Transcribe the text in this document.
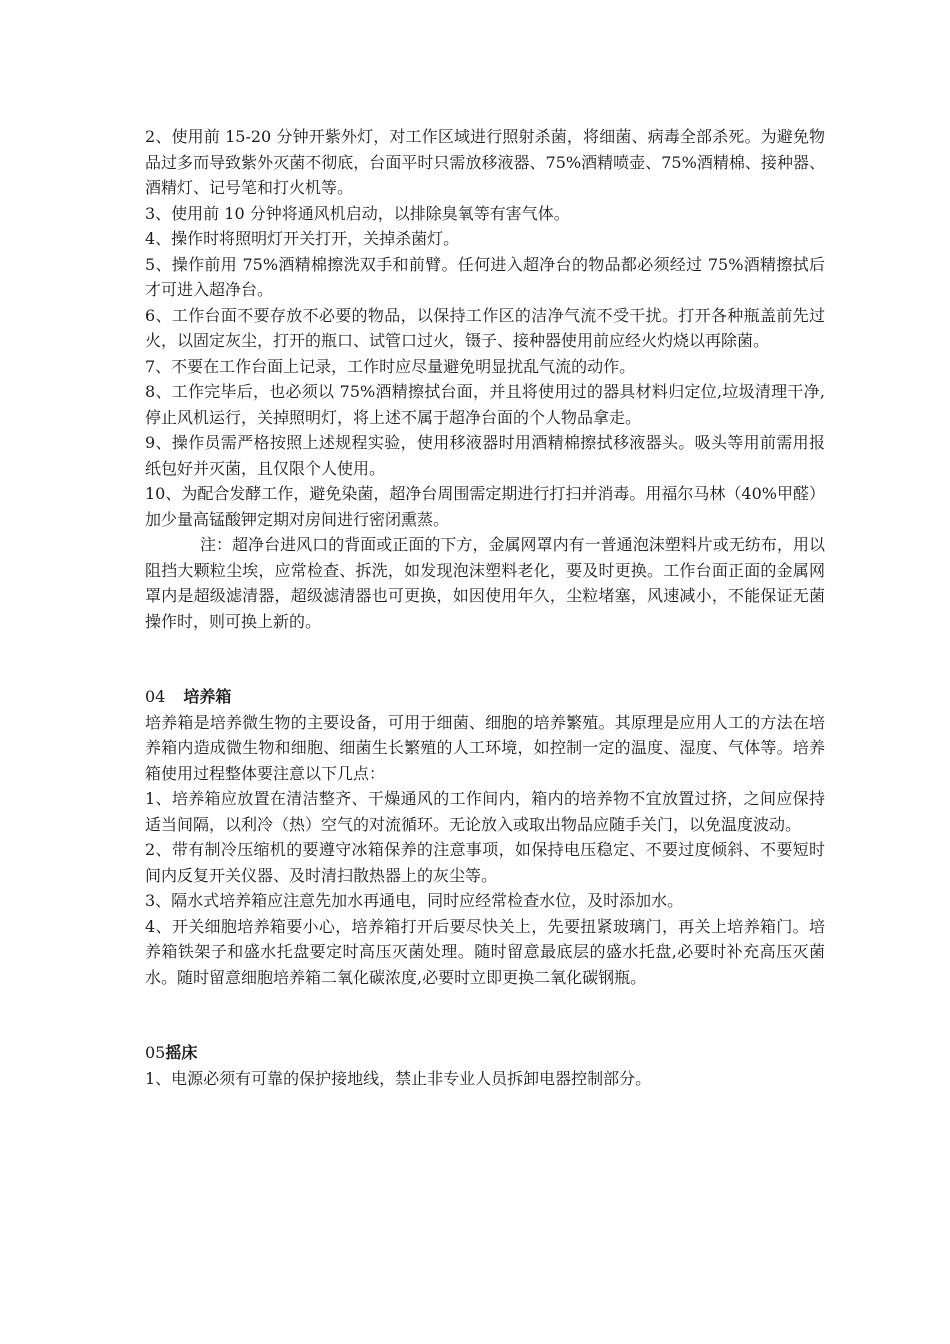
2、使用前 15-20 分钟开紫外灯，对工作区域进行照射杀菌，将细菌、病毒全部杀死。为避免物品过多而导致紫外灭菌不彻底，台面平时只需放移液器、75%酒精喷壶、75%酒精棉、接种器、酒精灯、记号笔和打火机等。

3、使用前 10 分钟将通风机启动，以排除臭氧等有害气体。

4、操作时将照明灯开关打开，关掉杀菌灯。

5、操作前用 75%酒精棉擦洗双手和前臂。任何进入超净台的物品都必须经过 75%酒精擦拭后才可进入超净台。

6、工作台面不要存放不必要的物品，以保持工作区的洁净气流不受干扰。打开各种瓶盖前先过火，以固定灰尘，打开的瓶口、试管口过火，镊子、接种器使用前应经火灼烧以再除菌。

7、不要在工作台面上记录，工作时应尽量避免明显扰乱气流的动作。

8、工作完毕后，也必须以 75%酒精擦拭台面，并且将使用过的器具材料归定位,垃圾清理干净,停止风机运行，关掉照明灯，将上述不属于超净台面的个人物品拿走。

9、操作员需严格按照上述规程实验，使用移液器时用酒精棉擦拭移液器头。吸头等用前需用报纸包好并灭菌，且仅限个人使用。

10、为配合发酵工作，避免染菌，超净台周围需定期进行打扫并消毒。用福尔马林（40%甲醛）加少量高锰酸钾定期对房间进行密闭熏蒸。

注：超净台进风口的背面或正面的下方，金属网罩内有一普通泡沫塑料片或无纺布，用以阻挡大颗粒尘埃，应常检查、拆洗，如发现泡沫塑料老化，要及时更换。工作台面正面的金属网罩内是超级滤清器，超级滤清器也可更换，如因使用年久，尘粒堵塞，风速减小，不能保证无菌操作时，则可换上新的。

04 培养箱

培养箱是培养微生物的主要设备，可用于细菌、细胞的培养繁殖。其原理是应用人工的方法在培养箱内造成微生物和细胞、细菌生长繁殖的人工环境，如控制一定的温度、湿度、气体等。培养箱使用过程整体要注意以下几点：

1、培养箱应放置在清洁整齐、干燥通风的工作间内，箱内的培养物不宜放置过挤，之间应保持适当间隔，以利冷（热）空气的对流循环。无论放入或取出物品应随手关门，以免温度波动。

2、带有制冷压缩机的要遵守冰箱保养的注意事项，如保持电压稳定、不要过度倾斜、不要短时间内反复开关仪器、及时清扫散热器上的灰尘等。

3、隔水式培养箱应注意先加水再通电，同时应经常检查水位，及时添加水。

4、开关细胞培养箱要小心，培养箱打开后要尽快关上，先要扭紧玻璃门，再关上培养箱门。培养箱铁架子和盛水托盘要定时高压灭菌处理。随时留意最底层的盛水托盘,必要时补充高压灭菌水。随时留意细胞培养箱二氧化碳浓度,必要时立即更换二氧化碳钢瓶。

05摇床

1、电源必须有可靠的保护接地线，禁止非专业人员拆卸电器控制部分。
